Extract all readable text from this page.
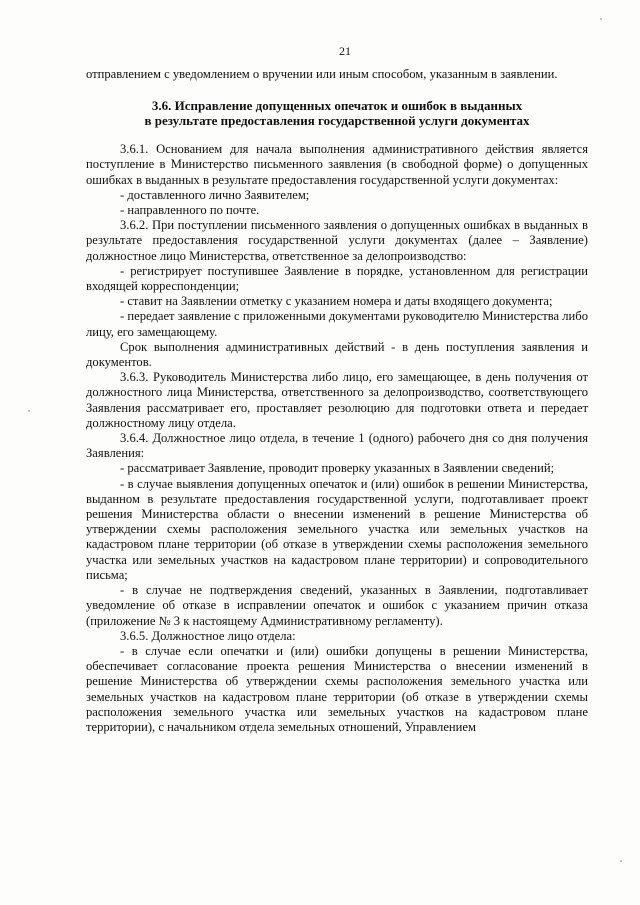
21

отправлением с уведомлением о вручении или иным способом, указанным в заявлении.

3.6. Исправление допущенных опечаток и ошибок в выданных
в результате предоставления государственной услуги документах

3.6.1. Основанием для начала выполнения административного действия является поступление в Министерство письменного заявления (в свободной форме) о допущенных ошибках в выданных в результате предоставления государственной услуги документах:

- доставленного лично Заявителем;

- направленного по почте.

3.6.2. При поступлении письменного заявления о допущенных ошибках в выданных в результате предоставления государственной услуги документах (далее – Заявление) должностное лицо Министерства, ответственное за делопроизводство:

- регистрирует поступившее Заявление в порядке, установленном для регистрации входящей корреспонденции;

- ставит на Заявлении отметку с указанием номера и даты входящего документа;

- передает заявление с приложенными документами руководителю Министерства либо лицу, его замещающему.

Срок выполнения административных действий - в день поступления заявления и документов.

3.6.3. Руководитель Министерства либо лицо, его замещающее, в день получения от должностного лица Министерства, ответственного за делопроизводство, соответствующего Заявления рассматривает его, проставляет резолюцию для подготовки ответа и передает должностному лицу отдела.

3.6.4. Должностное лицо отдела, в течение 1 (одного) рабочего дня со дня получения Заявления:

- рассматривает Заявление, проводит проверку указанных в Заявлении сведений;

- в случае выявления допущенных опечаток и (или) ошибок в решении Министерства, выданном в результате предоставления государственной услуги, подготавливает проект решения Министерства области о внесении изменений в решение Министерства об утверждении схемы расположения земельного участка или земельных участков на кадастровом плане территории (об отказе в утверждении схемы расположения земельного участка или земельных участков на кадастровом плане территории) и сопроводительного письма;

- в случае не подтверждения сведений, указанных в Заявлении, подготавливает уведомление об отказе в исправлении опечаток и ошибок с указанием причин отказа (приложение № 3 к настоящему Административному регламенту).

3.6.5. Должностное лицо отдела:

- в случае если опечатки и (или) ошибки допущены в решении Министерства, обеспечивает согласование проекта решения Министерства о внесении изменений в решение Министерства об утверждении схемы расположения земельного участка или земельных участков на кадастровом плане территории (об отказе в утверждении схемы расположения земельного участка или земельных участков на кадастровом плане территории), с начальником отдела земельных отношений, Управлением
